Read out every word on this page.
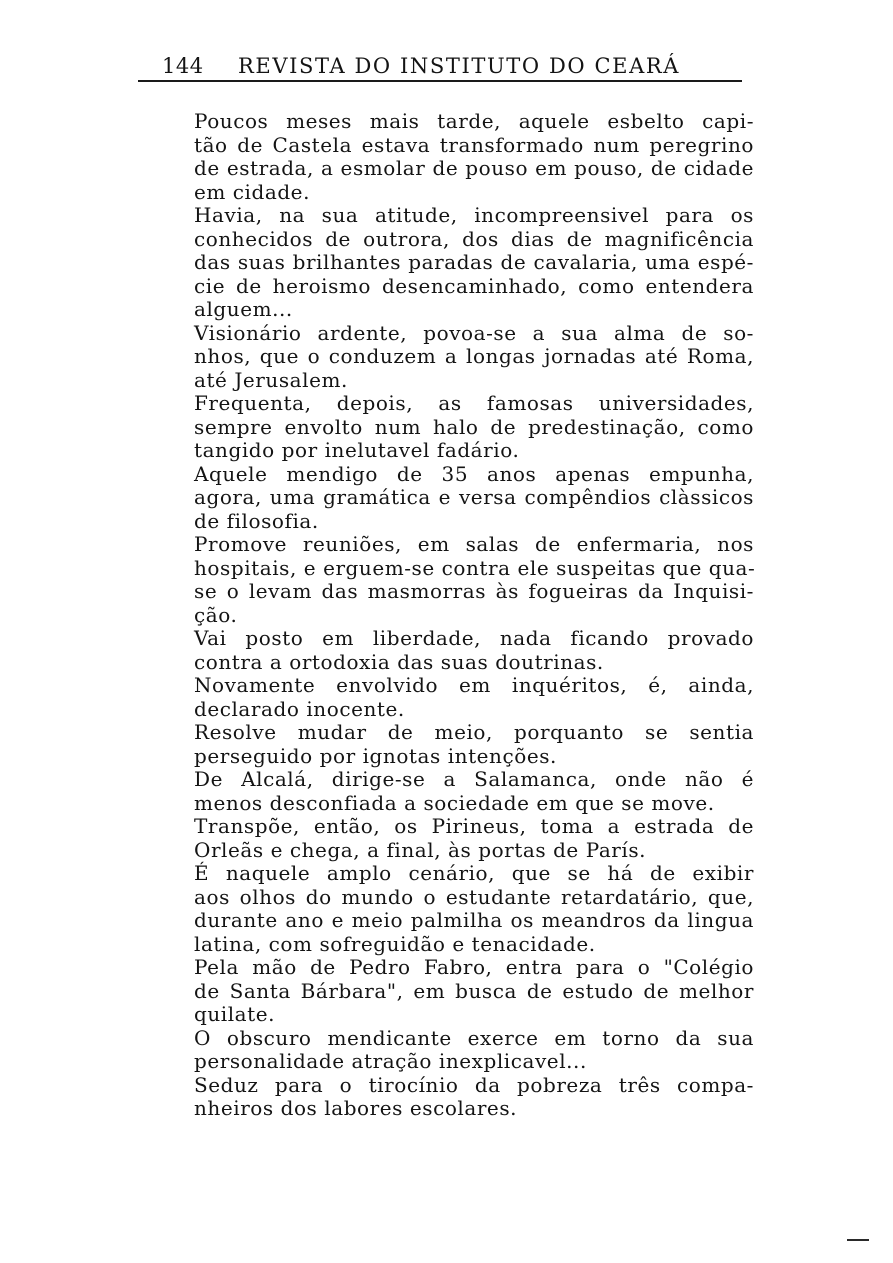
144 REVISTA DO INSTITUTO DO CEARÁ

Poucos meses mais tarde, aquele esbelto capi-
tão de Castela estava transformado num peregrino
de estrada, a esmolar de pouso em pouso, de cidade
em cidade.

Havia, na sua atitude, incompreensivel para os
conhecidos de outrora, dos dias de magnificência
das suas brilhantes paradas de cavalaria, uma espé-
cie de heroismo desencaminhado, como entendera
alguem...

Visionário ardente, povoa-se a sua alma de so-
nhos, que o conduzem a longas jornadas até Roma,
até Jerusalem.

Frequenta, depois, as famosas universidades,
sempre envolto num halo de predestinação, como
tangido por inelutavel fadário.

Aquele mendigo de 35 anos apenas empunha,
agora, uma gramática e versa compêndios clàssicos
de filosofia.

Promove reuniões, em salas de enfermaria, nos
hospitais, e erguem-se contra ele suspeitas que qua-
se o levam das masmorras às fogueiras da Inquisi-
ção.

Vai posto em liberdade, nada ficando provado
contra a ortodoxia das suas doutrinas.

Novamente envolvido em inquéritos, é, ainda,
declarado inocente.

Resolve mudar de meio, porquanto se sentia
perseguido por ignotas intenções.

De Alcalá, dirige-se a Salamanca, onde não é
menos desconfiada a sociedade em que se move.

Transpõe, então, os Pirineus, toma a estrada de
Orleãs e chega, a final, às portas de París.

É naquele amplo cenário, que se há de exibir
aos olhos do mundo o estudante retardatário, que,
durante ano e meio palmilha os meandros da lingua
latina, com sofreguidão e tenacidade.

Pela mão de Pedro Fabro, entra para o "Colégio
de Santa Bárbara", em busca de estudo de melhor
quilate.

O obscuro mendicante exerce em torno da sua
personalidade atração inexplicavel...

Seduz para o tirocínio da pobreza três compa-
nheiros dos labores escolares.
